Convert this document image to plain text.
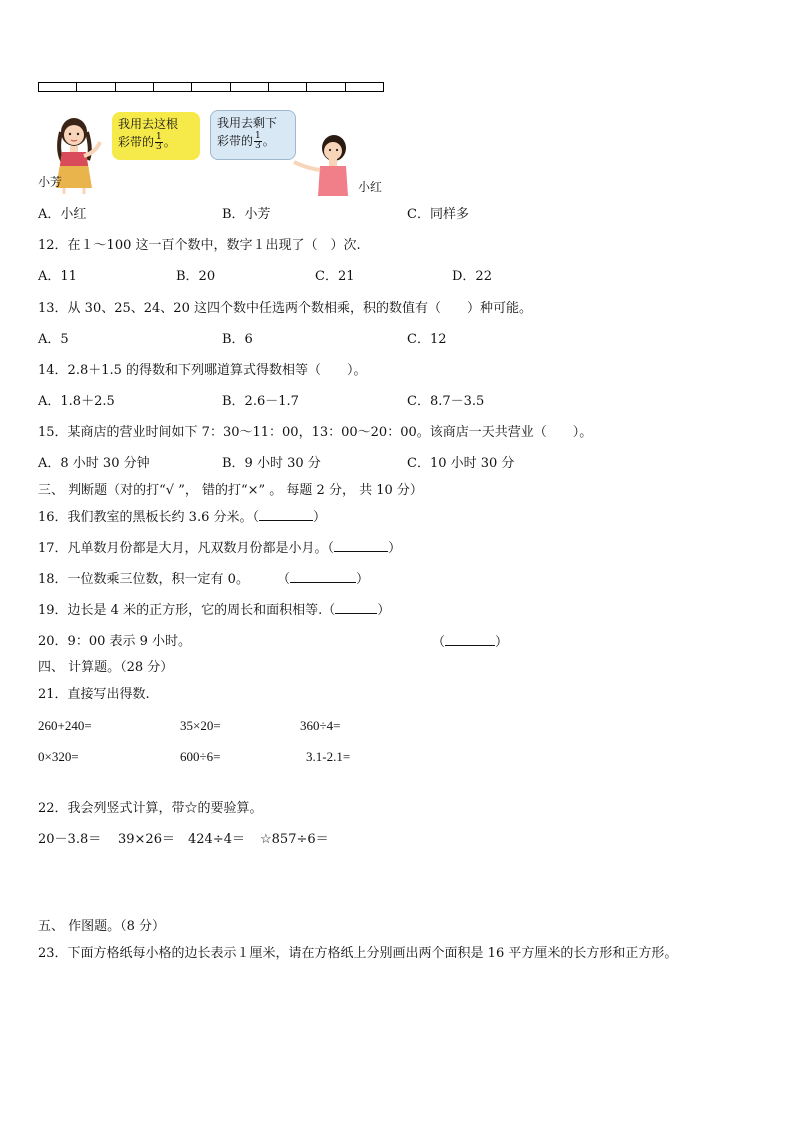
我用去这根
彩带的 $\frac{1}{3}$ 。
我用去剩下
彩带的 $\frac{1}{3}$ 。
小芳	小红
A．小红	B．小芳	C．同样多
12．在１～100 这一百个数中，数字１出现了（　）次.
A．11	B．20	C．21	D．22
13．从 30、25、24、20 这四个数中任选两个数相乘，积的数值有（　　）种可能。
A．5	B．6	C．12
14．2.8＋1.5 的得数和下列哪道算式得数相等（　　）。
A．1.8＋2.5	B．2.6－1.7	C．8.7－3.5
15．某商店的营业时间如下 7：30～11：00，13：00～20：00。该商店一天共营业（　　）。
A．8 小时 30 分钟	B．9 小时 30 分	C．10 小时 30 分
三、 判断题（对的打“√ ”， 错的打“×” 。 每题 2 分， 共 10 分）
16．我们教室的黑板长约 3.6 分米。（	）
17．凡单数月份都是大月，凡双数月份都是小月。（	）
18．一位数乘三位数，积一定有 0。 （	）
19．边长是 4 米的正方形，它的周长和面积相等.（	）
20．9：00 表示 9 小时。	（	）
四、 计算题。（28 分）
21．直接写出得数.
260+240=	35×20=	360÷4=
0×320=	600÷6=	3.1-2.1=
22．我会列竖式计算，带☆的要验算。
20－3.8＝ 39×26＝ 424÷4＝ ☆857÷6＝
五、 作图题。（8 分）
23．下面方格纸每小格的边长表示１厘米，请在方格纸上分别画出两个面积是 16 平方厘米的长方形和正方形。
